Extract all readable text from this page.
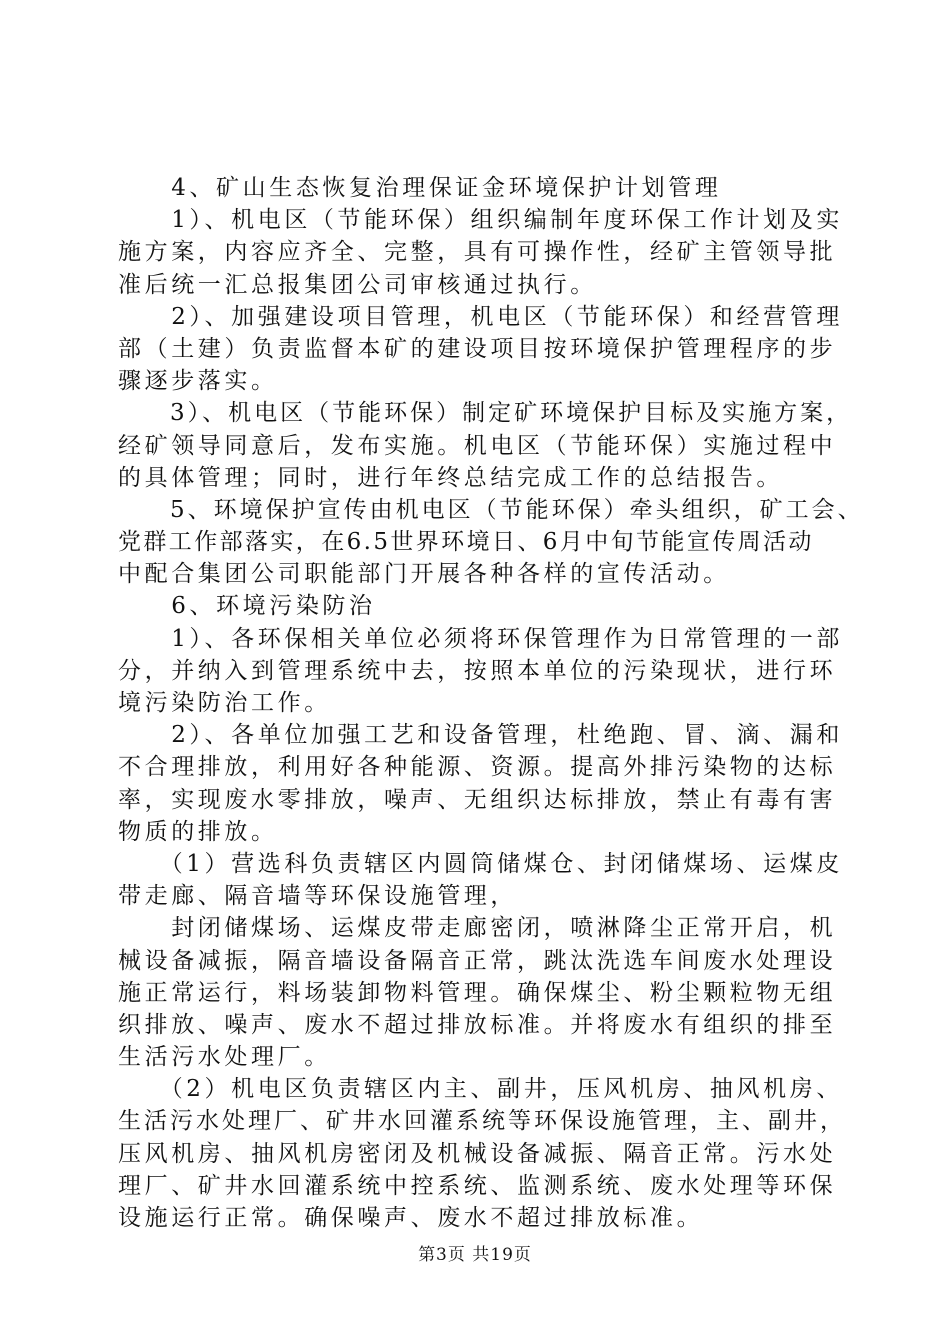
　　4、矿山生态恢复治理保证金环境保护计划管理
　　1）、机电区（节能环保）组织编制年度环保工作计划及实
施方案，内容应齐全、完整，具有可操作性，经矿主管领导批
准后统一汇总报集团公司审核通过执行。
　　2）、加强建设项目管理，机电区（节能环保）和经营管理
部（土建）负责监督本矿的建设项目按环境保护管理程序的步
骤逐步落实。
　　3）、机电区（节能环保）制定矿环境保护目标及实施方案，
经矿领导同意后，发布实施。机电区（节能环保）实施过程中
的具体管理；同时，进行年终总结完成工作的总结报告。
　　5、环境保护宣传由机电区（节能环保）牵头组织，矿工会、
党群工作部落实，在6.5世界环境日、6月中旬节能宣传周活动
中配合集团公司职能部门开展各种各样的宣传活动。
　　6、环境污染防治
　　1）、各环保相关单位必须将环保管理作为日常管理的一部
分，并纳入到管理系统中去，按照本单位的污染现状，进行环
境污染防治工作。
　　2）、各单位加强工艺和设备管理，杜绝跑、冒、滴、漏和
不合理排放，利用好各种能源、资源。提高外排污染物的达标
率，实现废水零排放，噪声、无组织达标排放，禁止有毒有害
物质的排放。
　　（1）营选科负责辖区内圆筒储煤仓、封闭储煤场、运煤皮
带走廊、隔音墙等环保设施管理，
　　封闭储煤场、运煤皮带走廊密闭，喷淋降尘正常开启，机
械设备减振，隔音墙设备隔音正常，跳汰洗选车间废水处理设
施正常运行，料场装卸物料管理。确保煤尘、粉尘颗粒物无组
织排放、噪声、废水不超过排放标准。并将废水有组织的排至
生活污水处理厂。
　　（2）机电区负责辖区内主、副井，压风机房、抽风机房、
生活污水处理厂、矿井水回灌系统等环保设施管理，主、副井，
压风机房、抽风机房密闭及机械设备减振、隔音正常。污水处
理厂、矿井水回灌系统中控系统、监测系统、废水处理等环保
设施运行正常。确保噪声、废水不超过排放标准。
第3页 共19页
